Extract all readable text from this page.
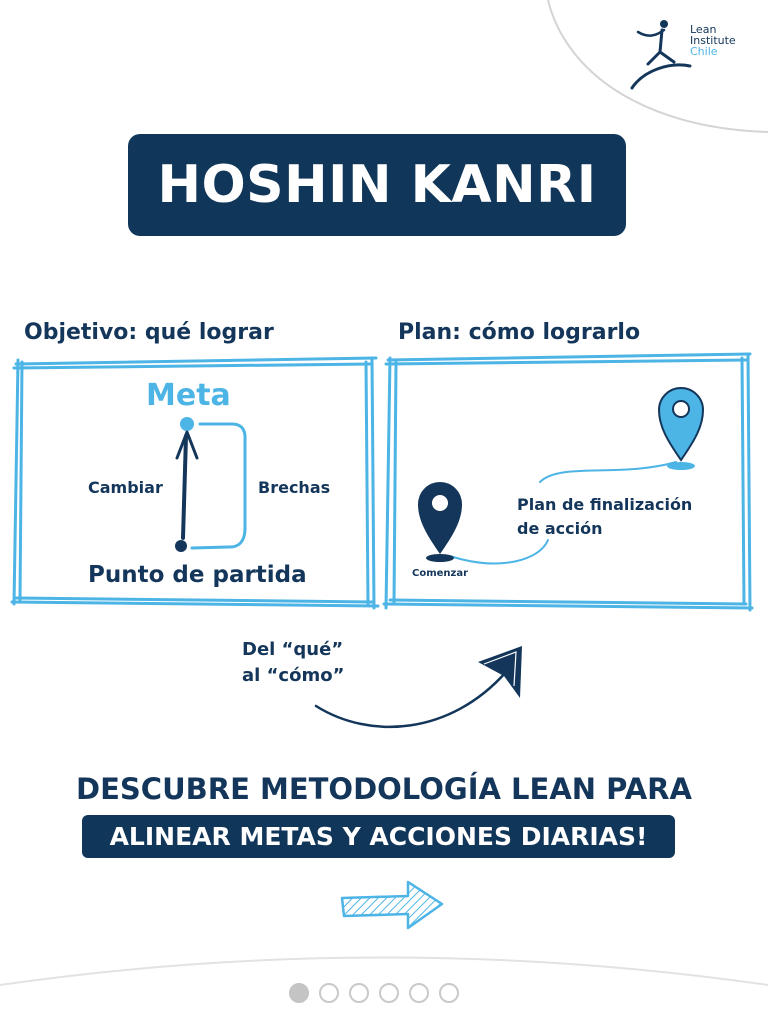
Lean
Institute
Chile
HOSHIN KANRI
Objetivo: qué lograr	Plan: cómo lograrlo
Meta
Cambiar	Brechas
Punto de partida	Comenzar
Plan de finalización
de acción
Del “qué”
al “cómo”
DESCUBRE METODOLOGÍA LEAN PARA
ALINEAR METAS Y ACCIONES DIARIAS!
